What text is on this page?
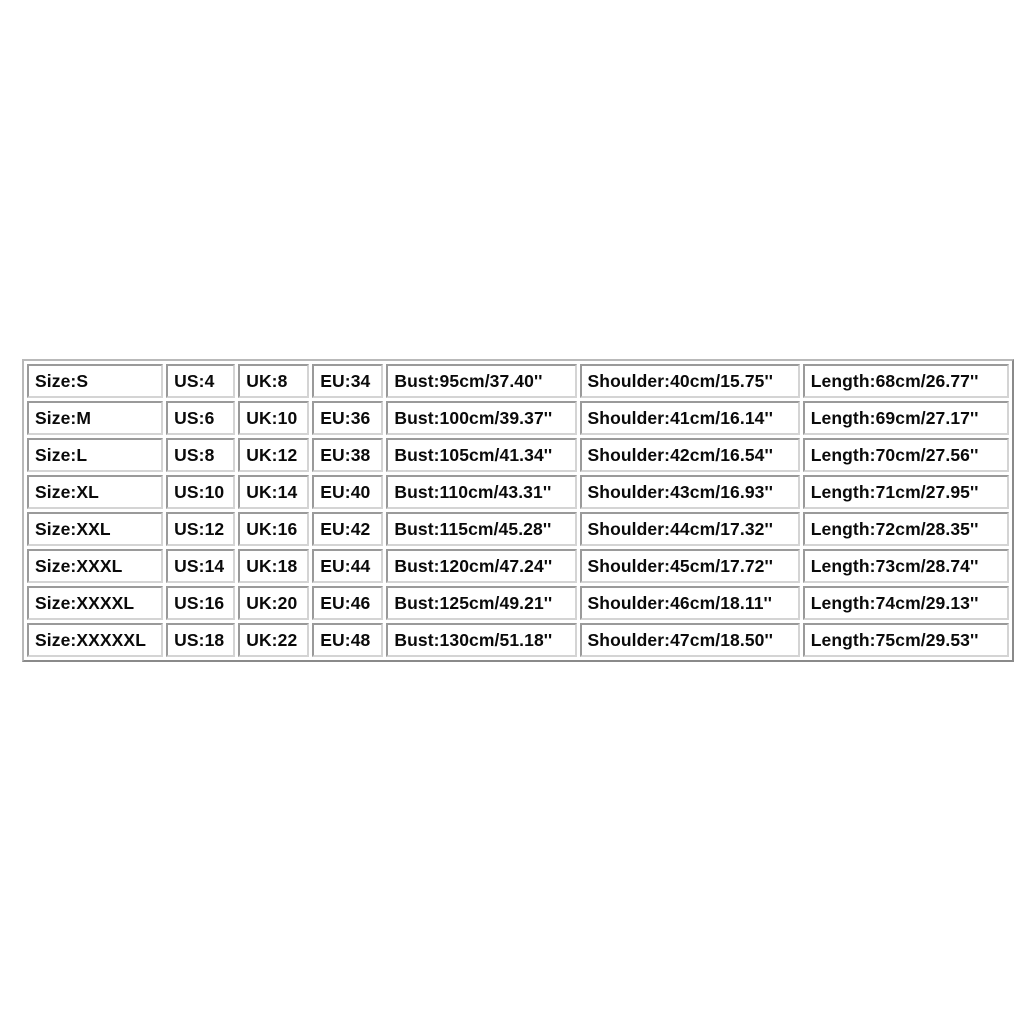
Size:S	US:4	UK:8	EU:34	Bust:95cm/37.40''	Shoulder:40cm/15.75''	Length:68cm/26.77''
Size:M	US:6	UK:10	EU:36	Bust:100cm/39.37''	Shoulder:41cm/16.14''	Length:69cm/27.17''
Size:L	US:8	UK:12	EU:38	Bust:105cm/41.34''	Shoulder:42cm/16.54''	Length:70cm/27.56''
Size:XL	US:10	UK:14	EU:40	Bust:110cm/43.31''	Shoulder:43cm/16.93''	Length:71cm/27.95''
Size:XXL	US:12	UK:16	EU:42	Bust:115cm/45.28''	Shoulder:44cm/17.32''	Length:72cm/28.35''
Size:XXXL	US:14	UK:18	EU:44	Bust:120cm/47.24''	Shoulder:45cm/17.72''	Length:73cm/28.74''
Size:XXXXL	US:16	UK:20	EU:46	Bust:125cm/49.21''	Shoulder:46cm/18.11''	Length:74cm/29.13''
Size:XXXXXL	US:18	UK:22	EU:48	Bust:130cm/51.18''	Shoulder:47cm/18.50''	Length:75cm/29.53''
